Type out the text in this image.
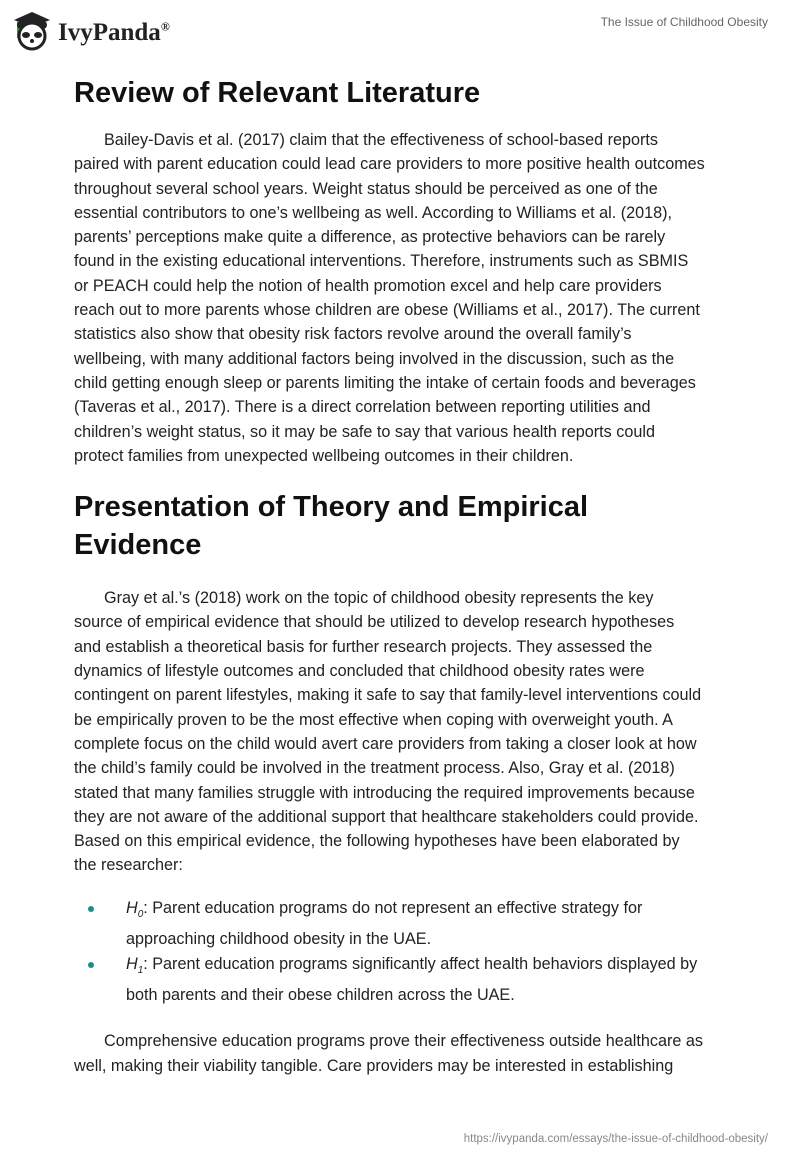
IvyPanda®	The Issue of Childhood Obesity
Review of Relevant Literature
Bailey-Davis et al. (2017) claim that the effectiveness of school-based reports
paired with parent education could lead care providers to more positive health outcomes
throughout several school years. Weight status should be perceived as one of the
essential contributors to one’s wellbeing as well. According to Williams et al. (2018),
parents’ perceptions make quite a difference, as protective behaviors can be rarely
found in the existing educational interventions. Therefore, instruments such as SBMIS
or PEACH could help the notion of health promotion excel and help care providers
reach out to more parents whose children are obese (Williams et al., 2017). The current
statistics also show that obesity risk factors revolve around the overall family’s
wellbeing, with many additional factors being involved in the discussion, such as the
child getting enough sleep or parents limiting the intake of certain foods and beverages
(Taveras et al., 2017). There is a direct correlation between reporting utilities and
children’s weight status, so it may be safe to say that various health reports could
protect families from unexpected wellbeing outcomes in their children.
Presentation of Theory and Empirical
Evidence
Gray et al.’s (2018) work on the topic of childhood obesity represents the key
source of empirical evidence that should be utilized to develop research hypotheses
and establish a theoretical basis for further research projects. They assessed the
dynamics of lifestyle outcomes and concluded that childhood obesity rates were
contingent on parent lifestyles, making it safe to say that family-level interventions could
be empirically proven to be the most effective when coping with overweight youth. A
complete focus on the child would avert care providers from taking a closer look at how
the child’s family could be involved in the treatment process. Also, Gray et al. (2018)
stated that many families struggle with introducing the required improvements because
they are not aware of the additional support that healthcare stakeholders could provide.
Based on this empirical evidence, the following hypotheses have been elaborated by
the researcher:
$H_0$: Parent education programs do not represent an effective strategy for
approaching childhood obesity in the UAE.
$H_1$: Parent education programs significantly affect health behaviors displayed by
both parents and their obese children across the UAE.
Comprehensive education programs prove their effectiveness outside healthcare as
well, making their viability tangible. Care providers may be interested in establishing
https://ivypanda.com/essays/the-issue-of-childhood-obesity/
